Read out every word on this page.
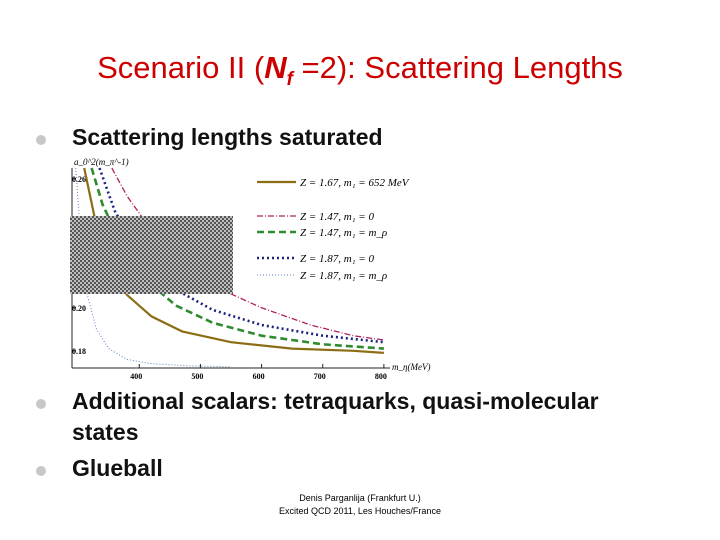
Scenario II $(N_f =2)$: Scattering Lengths
Scattering lengths saturated
a_0^2(m_π^-1)
m_η(MeV)
400	500	600	700	800
0.18
0.20
0.26	Z = 1.67, m₁ = 652 MeV
Z = 1.47, m₁ = 0
Z = 1.47, m₁ = m_ρ
Z = 1.87, m₁ = 0
Z = 1.87, m₁ = m_ρ
Additional scalars: tetraquarks, quasi-molecular
states
Glueball
Denis Parganlija (Frankfurt U.)
Excited QCD 2011, Les Houches/France
